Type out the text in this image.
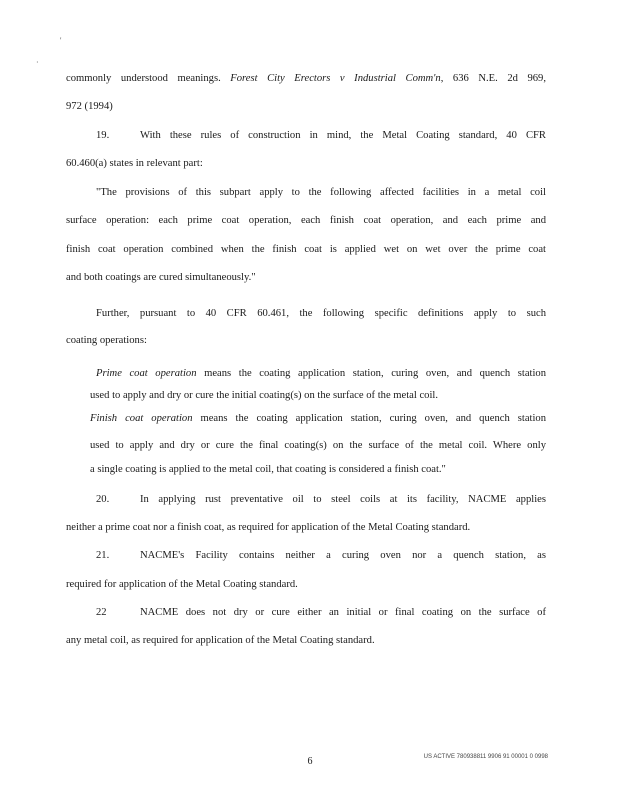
'
·
commonly understood meanings. Forest City Erectors v Industrial Comm'n, 636 N.E. 2d 969,
972 (1994)
19.	With these rules of construction in mind, the Metal Coating standard, 40 CFR
60.460(a) states in relevant part:
"The provisions of this subpart apply to the following affected facilities in a metal coil
surface operation: each prime coat operation, each finish coat operation, and each prime and
finish coat operation combined when the finish coat is applied wet on wet over the prime coat
and both coatings are cured simultaneously."
Further, pursuant to 40 CFR 60.461, the following specific definitions apply to such
coating operations:
Prime coat operation means the coating application station, curing oven, and quench station
used to apply and dry or cure the initial coating(s) on the surface of the metal coil.
Finish coat operation means the coating application station, curing oven, and quench station
used to apply and dry or cure the final coating(s) on the surface of the metal coil. Where only
a single coating is applied to the metal coil, that coating is considered a finish coat."
20.	In applying rust preventative oil to steel coils at its facility, NACME applies
neither a prime coat nor a finish coat, as required for application of the Metal Coating standard.
21.	NACME's Facility contains neither a curing oven nor a quench station, as
required for application of the Metal Coating standard.
22	NACME does not dry or cure either an initial or final coating on the surface of
any metal coil, as required for application of the Metal Coating standard.
6	US ACTIVE 780938811 9906 91 00001 0 0998
